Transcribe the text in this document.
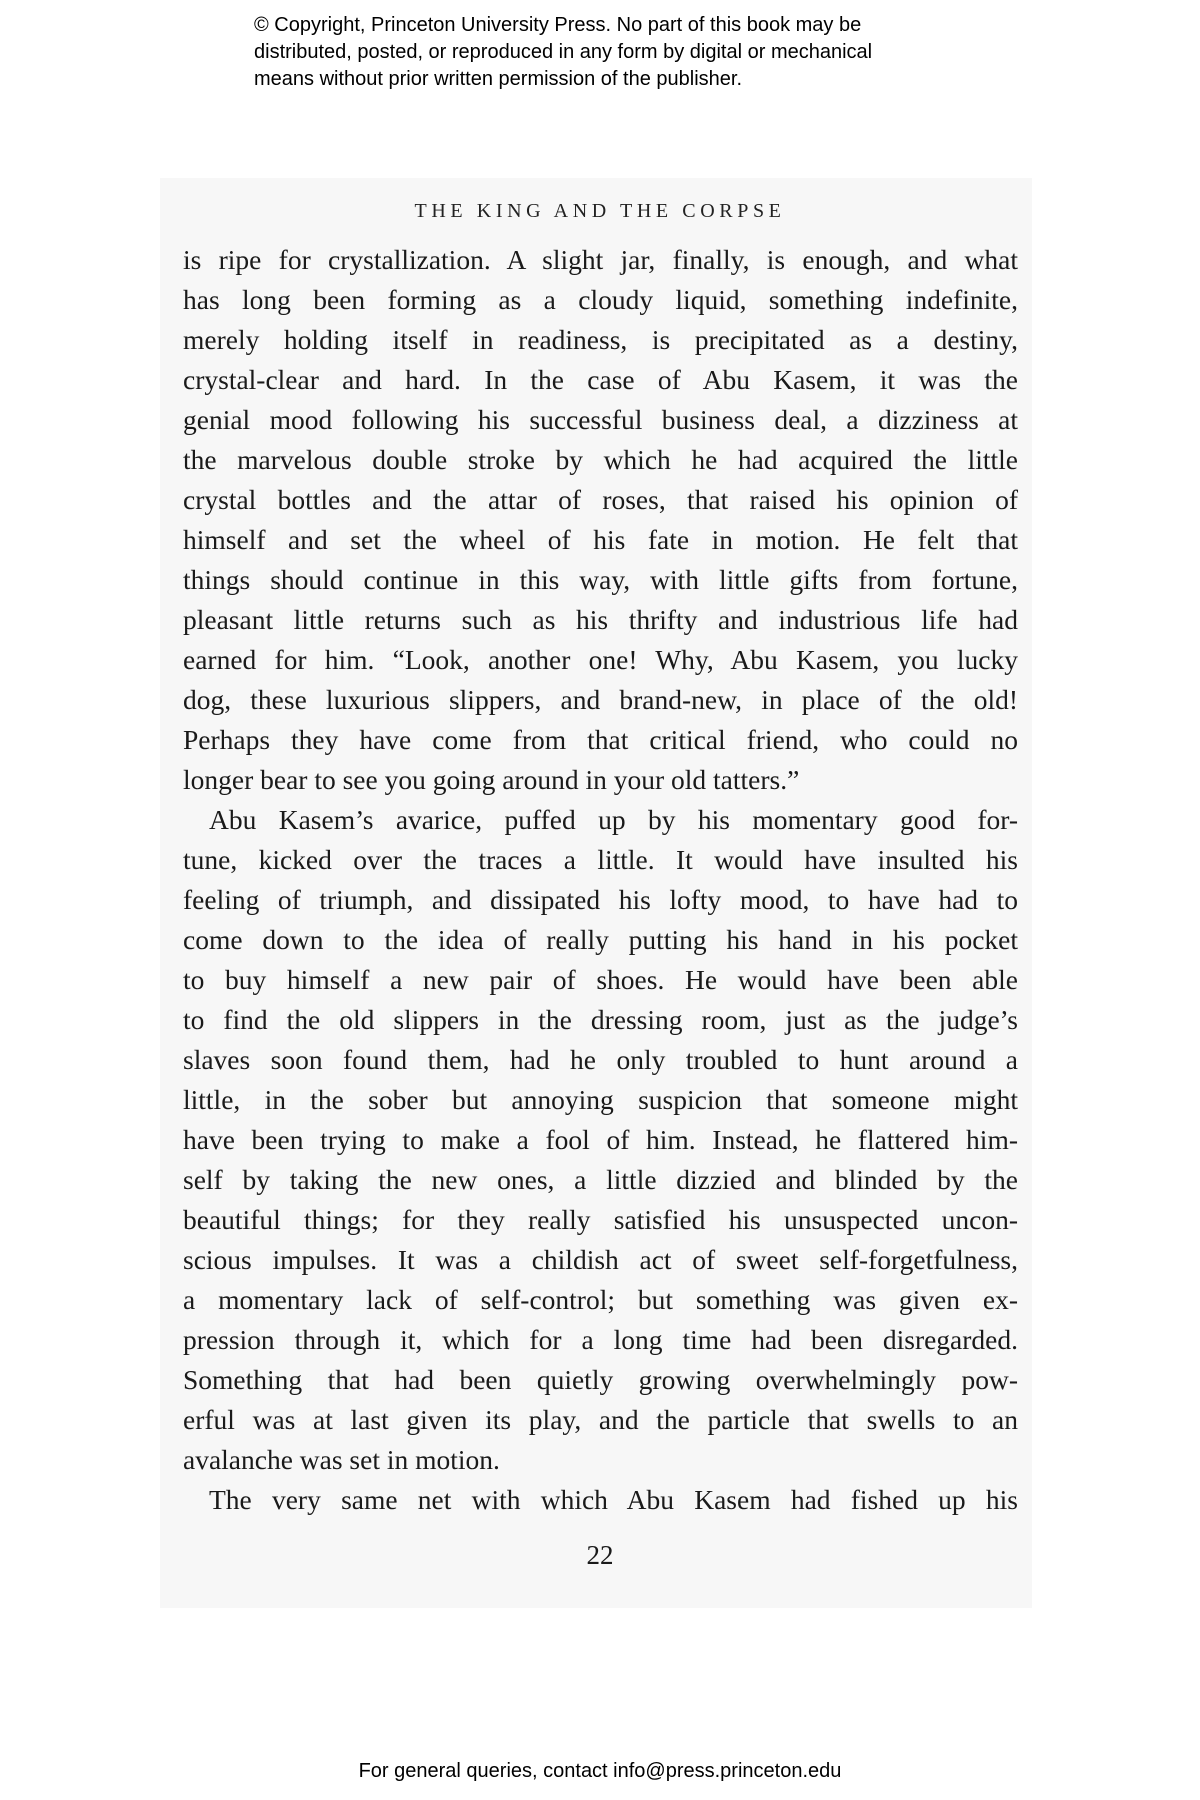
© Copyright, Princeton University Press. No part of this book may be
distributed, posted, or reproduced in any form by digital or mechanical
means without prior written permission of the publisher.
THE KING AND THE CORPSE
is ripe for crystallization. A slight jar, finally, is enough, and what
has long been forming as a cloudy liquid, something indefinite,
merely holding itself in readiness, is precipitated as a destiny,
crystal-clear and hard. In the case of Abu Kasem, it was the
genial mood following his successful business deal, a dizziness at
the marvelous double stroke by which he had acquired the little
crystal bottles and the attar of roses, that raised his opinion of
himself and set the wheel of his fate in motion. He felt that
things should continue in this way, with little gifts from fortune,
pleasant little returns such as his thrifty and industrious life had
earned for him. “Look, another one! Why, Abu Kasem, you lucky
dog, these luxurious slippers, and brand-new, in place of the old!
Perhaps they have come from that critical friend, who could no
longer bear to see you going around in your old tatters.”
Abu Kasem’s avarice, puffed up by his momentary good for-
tune, kicked over the traces a little. It would have insulted his
feeling of triumph, and dissipated his lofty mood, to have had to
come down to the idea of really putting his hand in his pocket
to buy himself a new pair of shoes. He would have been able
to find the old slippers in the dressing room, just as the judge’s
slaves soon found them, had he only troubled to hunt around a
little, in the sober but annoying suspicion that someone might
have been trying to make a fool of him. Instead, he flattered him-
self by taking the new ones, a little dizzied and blinded by the
beautiful things; for they really satisfied his unsuspected uncon-
scious impulses. It was a childish act of sweet self-forgetfulness,
a momentary lack of self-control; but something was given ex-
pression through it, which for a long time had been disregarded.
Something that had been quietly growing overwhelmingly pow-
erful was at last given its play, and the particle that swells to an
avalanche was set in motion.
The very same net with which Abu Kasem had fished up his
22
For general queries, contact info@press.princeton.edu
